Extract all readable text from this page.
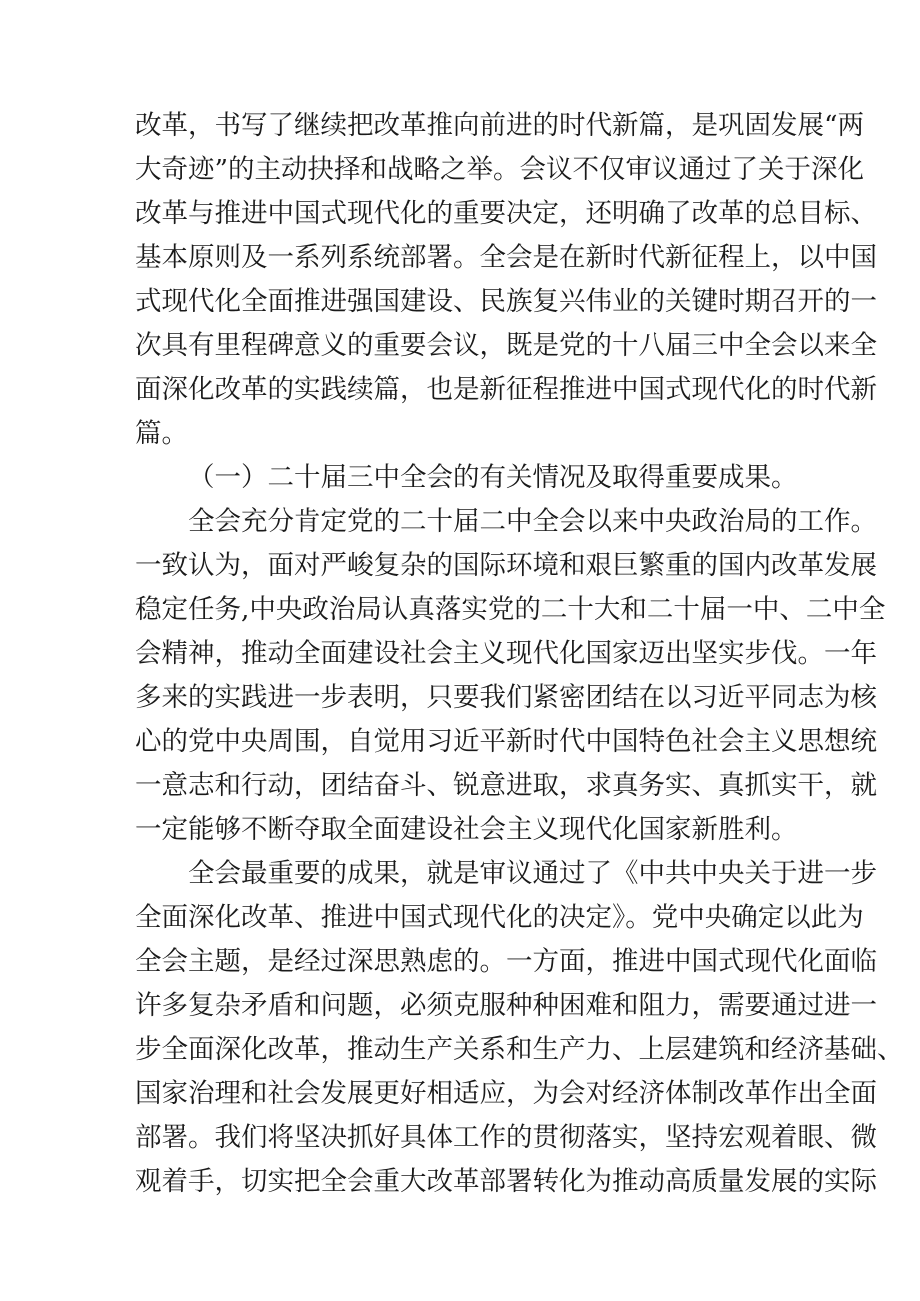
改革，书写了继续把改革推向前进的时代新篇，是巩固发展“两
大奇迹”的主动抉择和战略之举。会议不仅审议通过了关于深化
改革与推进中国式现代化的重要决定，还明确了改革的总目标、
基本原则及一系列系统部署。全会是在新时代新征程上，以中国
式现代化全面推进强国建设、民族复兴伟业的关键时期召开的一
次具有里程碑意义的重要会议，既是党的十八届三中全会以来全
面深化改革的实践续篇，也是新征程推进中国式现代化的时代新
篇。
（一）二十届三中全会的有关情况及取得重要成果。
全会充分肯定党的二十届二中全会以来中央政治局的工作。
一致认为，面对严峻复杂的国际环境和艰巨繁重的国内改革发展
稳定任务,中央政治局认真落实党的二十大和二十届一中、二中全
会精神，推动全面建设社会主义现代化国家迈出坚实步伐。一年
多来的实践进一步表明，只要我们紧密团结在以习近平同志为核
心的党中央周围，自觉用习近平新时代中国特色社会主义思想统
一意志和行动，团结奋斗、锐意进取，求真务实、真抓实干，就
一定能够不断夺取全面建设社会主义现代化国家新胜利。
全会最重要的成果，就是审议通过了《中共中央关于进一步
全面深化改革、推进中国式现代化的决定》。党中央确定以此为
全会主题，是经过深思熟虑的。一方面，推进中国式现代化面临
许多复杂矛盾和问题，必须克服种种困难和阻力，需要通过进一
步全面深化改革，推动生产关系和生产力、上层建筑和经济基础、
国家治理和社会发展更好相适应，为会对经济体制改革作出全面
部署。我们将坚决抓好具体工作的贯彻落实，坚持宏观着眼、微
观着手，切实把全会重大改革部署转化为推动高质量发展的实际
